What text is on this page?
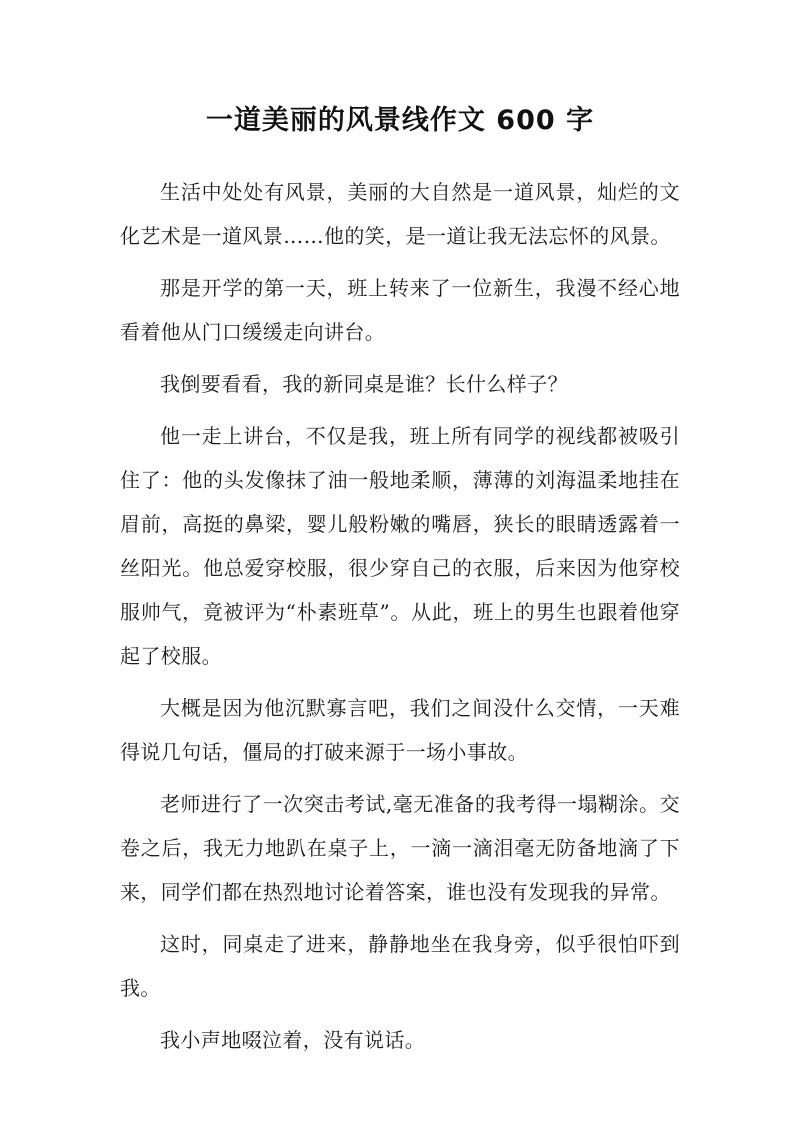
一道美丽的风景线作文 600 字

生活中处处有风景，美丽的大自然是一道风景，灿烂的文化艺术是一道风景……他的笑，是一道让我无法忘怀的风景。

那是开学的第一天，班上转来了一位新生，我漫不经心地看着他从门口缓缓走向讲台。

我倒要看看，我的新同桌是谁？长什么样子？

他一走上讲台，不仅是我，班上所有同学的视线都被吸引住了：他的头发像抹了油一般地柔顺，薄薄的刘海温柔地挂在眉前，高挺的鼻梁，婴儿般粉嫩的嘴唇，狭长的眼睛透露着一丝阳光。他总爱穿校服，很少穿自己的衣服，后来因为他穿校服帅气，竟被评为“朴素班草”。从此，班上的男生也跟着他穿起了校服。

大概是因为他沉默寡言吧，我们之间没什么交情，一天难得说几句话，僵局的打破来源于一场小事故。

老师进行了一次突击考试,毫无准备的我考得一塌糊涂。交卷之后，我无力地趴在桌子上，一滴一滴泪毫无防备地滴了下来，同学们都在热烈地讨论着答案，谁也没有发现我的异常。

这时，同桌走了进来，静静地坐在我身旁，似乎很怕吓到我。

我小声地啜泣着，没有说话。
